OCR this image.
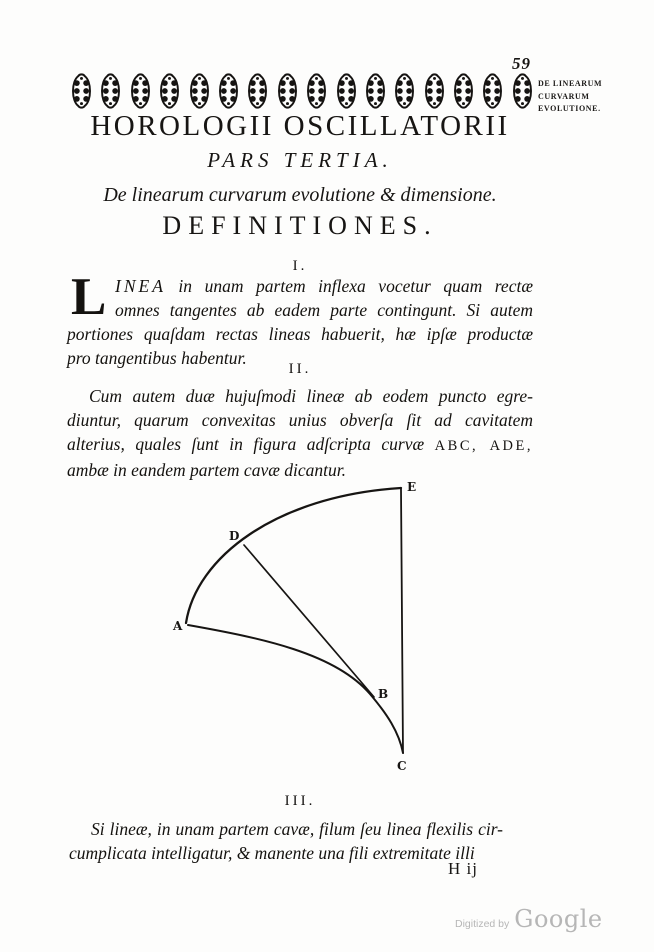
59
DE LINEARUM
CURVARUM
EVOLUTIONE.
HOROLOGII OSCILLATORII
PARS TERTIA.
De linearum curvarum evolutione & dimensione.
DEFINITIONES.
I.
L INEA in unam partem inflexa vocetur quam rectæ
omnes tangentes ab eadem parte contingunt. Si autem
portiones quaſdam rectas lineas habuerit, hæ ipſæ productæ
pro tangentibus habentur.
II.
Cum autem duæ hujuſmodi lineæ ab eodem puncto egre-
diuntur, quarum convexitas unius obverſa ſit ad cavitatem
alterius, quales ſunt in figura adſcripta curvæ ABC, ADE,
ambæ in eandem partem cavæ dicantur.
E
D
A
B
C
III.
Si lineæ, in unam partem cavæ, filum ſeu linea flexilis cir-
cumplicata intelligatur, & manente una fili extremitate illi
H ij
Digitized by Google
